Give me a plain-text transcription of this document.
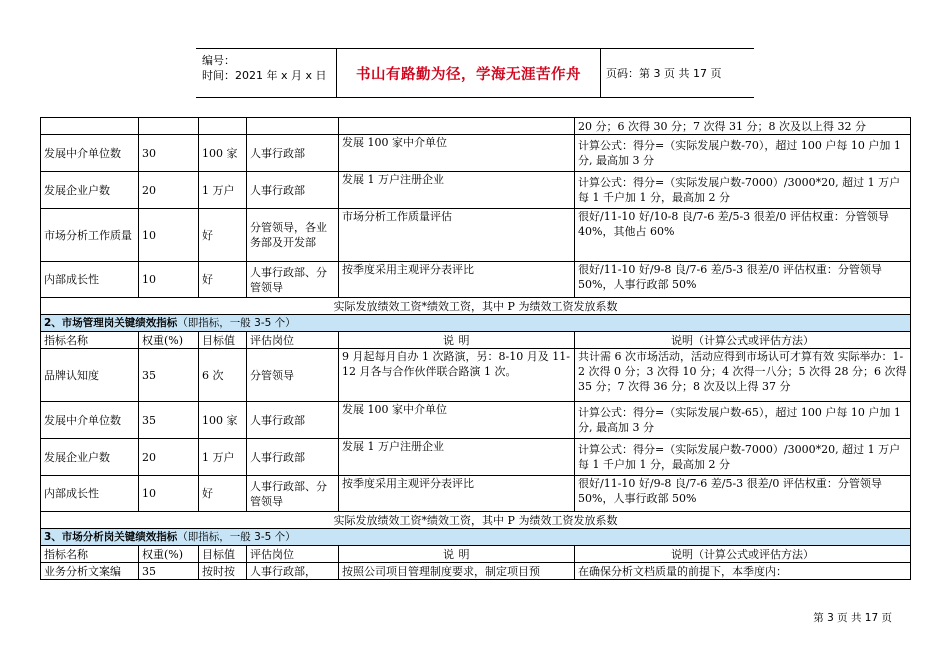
编号：
时间：2021 年 x 月 x 日 书山有路勤为径，学海无涯苦作舟 页码：第 3 页 共 17 页
					20 分；6 次得 30 分；7 次得 31 分；8 次及以上得 32 分
发展中介单位数	30	100 家	人事行政部	发展 100 家中介单位	计算公式：得分=（实际发展户数-70），超过 100 户每 10 户加 1 分, 最高加 3 分
发展企业户数	20	1 万户	人事行政部	发展 1 万户注册企业	计算公式：得分=（实际发展户数-7000）/3000*20, 超过 1 万户每 1 千户加 1 分，最高加 2 分
市场分析工作质量	10	好	分管领导，各业务部及开发部	市场分析工作质量评估	很好/11-10 好/10-8 良/7-6 差/5-3 很差/0 评估权重：分管领导 40%，其他占 60%
内部成长性	10	好	人事行政部、分管领导	按季度采用主观评分表评比	很好/11-10 好/9-8 良/7-6 差/5-3 很差/0 评估权重：分管领导 50%，人事行政部 50%
实际发放绩效工资*绩效工资，其中 P 为绩效工资发放系数					
2、市场管理岗关键绩效指标（即指标，一般 3-5 个）					
指标名称	权重(%)	目标值	评估岗位	说 明	说明（计算公式或评估方法）
品牌认知度	35	6 次	分管领导	9 月起每月自办 1 次路演，另：8-10 月及 11-12 月各与合作伙伴联合路演 1 次。	共计需 6 次市场活动，活动应得到市场认可才算有效 实际举办：1-2 次得 0 分；3 次得 10 分；4 次得一八分；5 次得 28 分；6 次得 35 分；7 次得 36 分；8 次及以上得 37 分
发展中介单位数	35	100 家	人事行政部	发展 100 家中介单位	计算公式：得分=（实际发展户数-65），超过 100 户每 10 户加 1 分, 最高加 3 分
发展企业户数	20	1 万户	人事行政部	发展 1 万户注册企业	计算公式：得分=（实际发展户数-7000）/3000*20, 超过 1 万户每 1 千户加 1 分，最高加 2 分
内部成长性	10	好	人事行政部、分管领导	按季度采用主观评分表评比	很好/11-10 好/9-8 良/7-6 差/5-3 很差/0 评估权重：分管领导 50%，人事行政部 50%
实际发放绩效工资*绩效工资，其中 P 为绩效工资发放系数					
3、市场分析岗关键绩效指标（即指标，一般 3-5 个）					
指标名称	权重(%)	目标值	评估岗位	说 明	说明（计算公式或评估方法）
业务分析文案编	35	按时按	人事行政部，	按照公司项目管理制度要求，制定项目预	在确保分析文档质量的前提下，本季度内：
第 3 页 共 17 页
